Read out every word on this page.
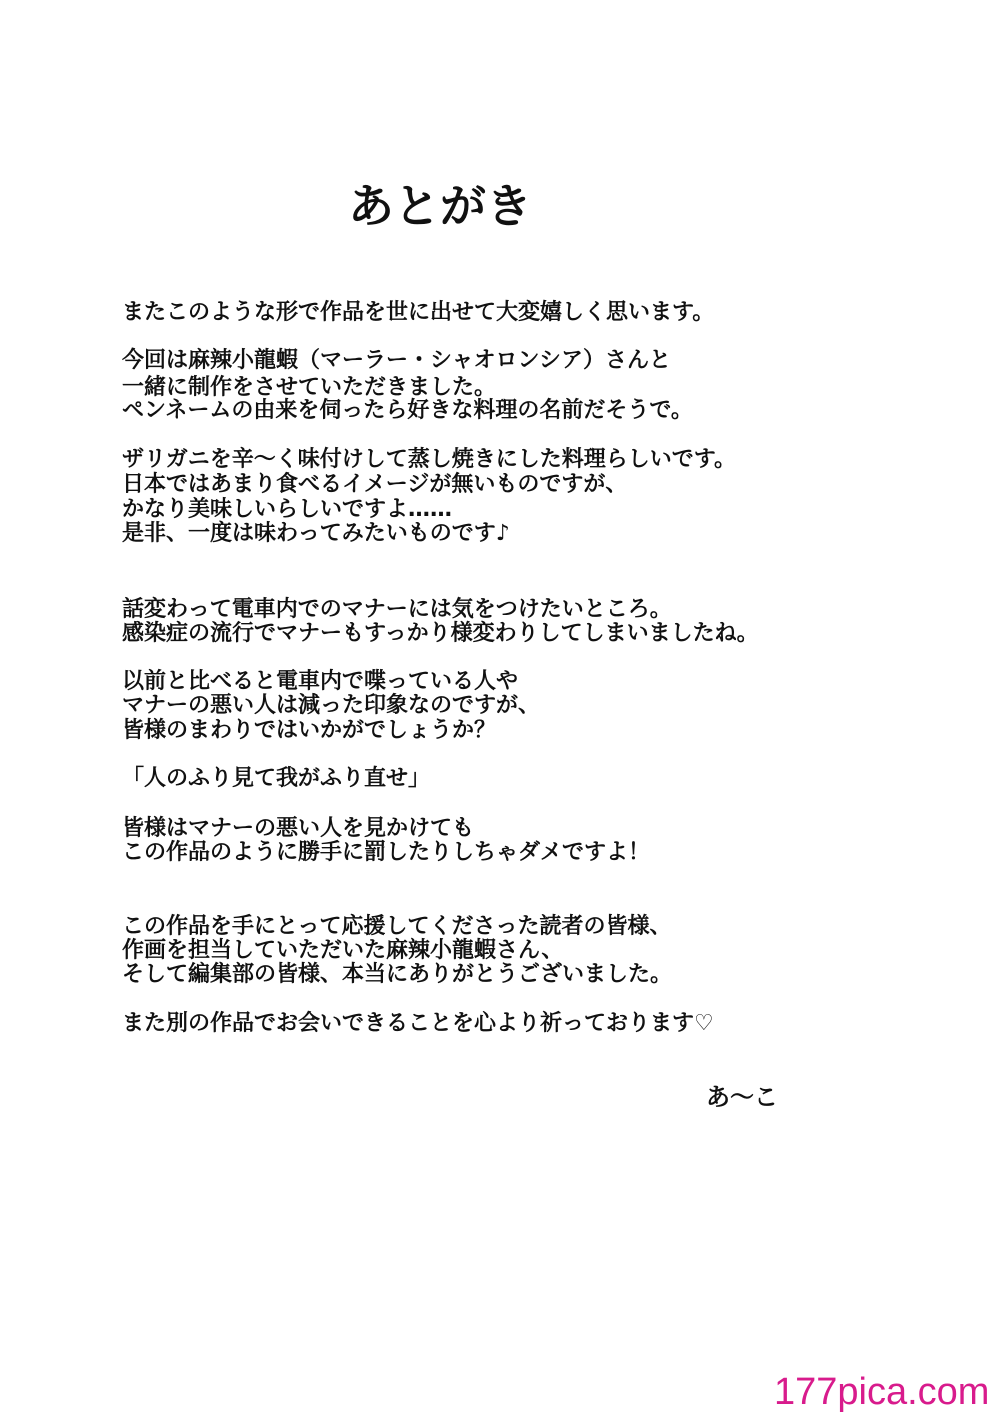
あとがき

またこのような形で作品を世に出せて大変嬉しく思います。

今回は麻辣小龍蝦（マーラー・シャオロンシア）さんと

一緒に制作をさせていただきました。

ペンネームの由来を伺ったら好きな料理の名前だそうで。

ザリガニを辛〜く味付けして蒸し焼きにした料理らしいです。

日本ではあまり食べるイメージが無いものですが、

かなり美味しいらしいですよ……

是非、一度は味わってみたいものです♪

話変わって電車内でのマナーには気をつけたいところ。

感染症の流行でマナーもすっかり様変わりしてしまいましたね。

以前と比べると電車内で喋っている人や

マナーの悪い人は減った印象なのですが、

皆様のまわりではいかがでしょうか？

「人のふり見て我がふり直せ」

皆様はマナーの悪い人を見かけても

この作品のように勝手に罰したりしちゃダメですよ！

この作品を手にとって応援してくださった読者の皆様、

作画を担当していただいた麻辣小龍蝦さん、

そして編集部の皆様、本当にありがとうございました。

また別の作品でお会いできることを心より祈っております♡

あ〜こ
177pica.com
